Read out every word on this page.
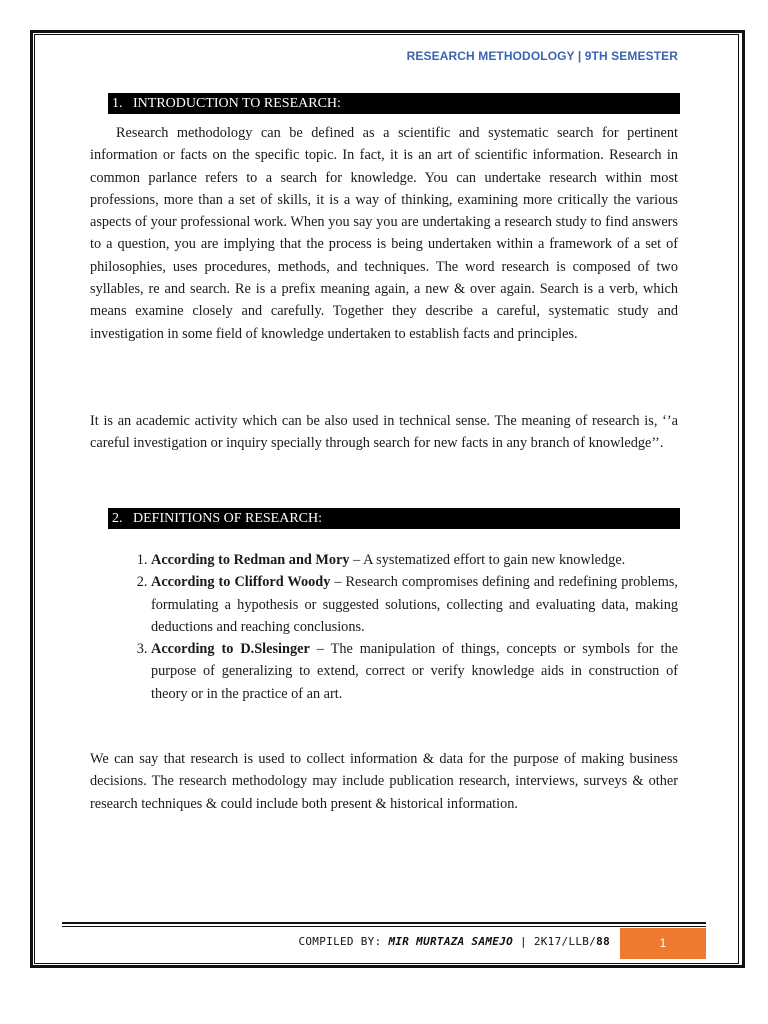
RESEARCH METHODOLOGY | 9TH SEMESTER
1.   INTRODUCTION TO RESEARCH:

Research methodology can be defined as a scientific and systematic search for pertinent information or facts on the specific topic. In fact, it is an art of scientific information. Research in common parlance refers to a search for knowledge. You can undertake research within most professions, more than a set of skills, it is a way of thinking, examining more critically the various aspects of your professional work. When you say you are undertaking a research study to find answers to a question, you are implying that the process is being undertaken within a framework of a set of philosophies, uses procedures, methods, and techniques. The word research is composed of two syllables, re and search. Re is a prefix meaning again, a new & over again. Search is a verb, which means examine closely and carefully. Together they describe a careful, systematic study and investigation in some field of knowledge undertaken to establish facts and principles.

It is an academic activity which can be also used in technical sense. The meaning of research is, ‘’a careful investigation or inquiry specially through search for new facts in any branch of knowledge’’.

2.   DEFINITIONS OF RESEARCH:
1. According to Redman and Mory – A systematized effort to gain new knowledge.
2. According to Clifford Woody – Research compromises defining and redefining problems, formulating a hypothesis or suggested solutions, collecting and evaluating data, making deductions and reaching conclusions.
3. According to D.Slesinger – The manipulation of things, concepts or symbols for the purpose of generalizing to extend, correct or verify knowledge aids in construction of theory or in the practice of an art.

We can say that research is used to collect information & data for the purpose of making business decisions. The research methodology may include publication research, interviews, surveys & other research techniques & could include both present & historical information.

COMPILED BY: MIR MURTAZA SAMEJO | 2K17/LLB/88	1
